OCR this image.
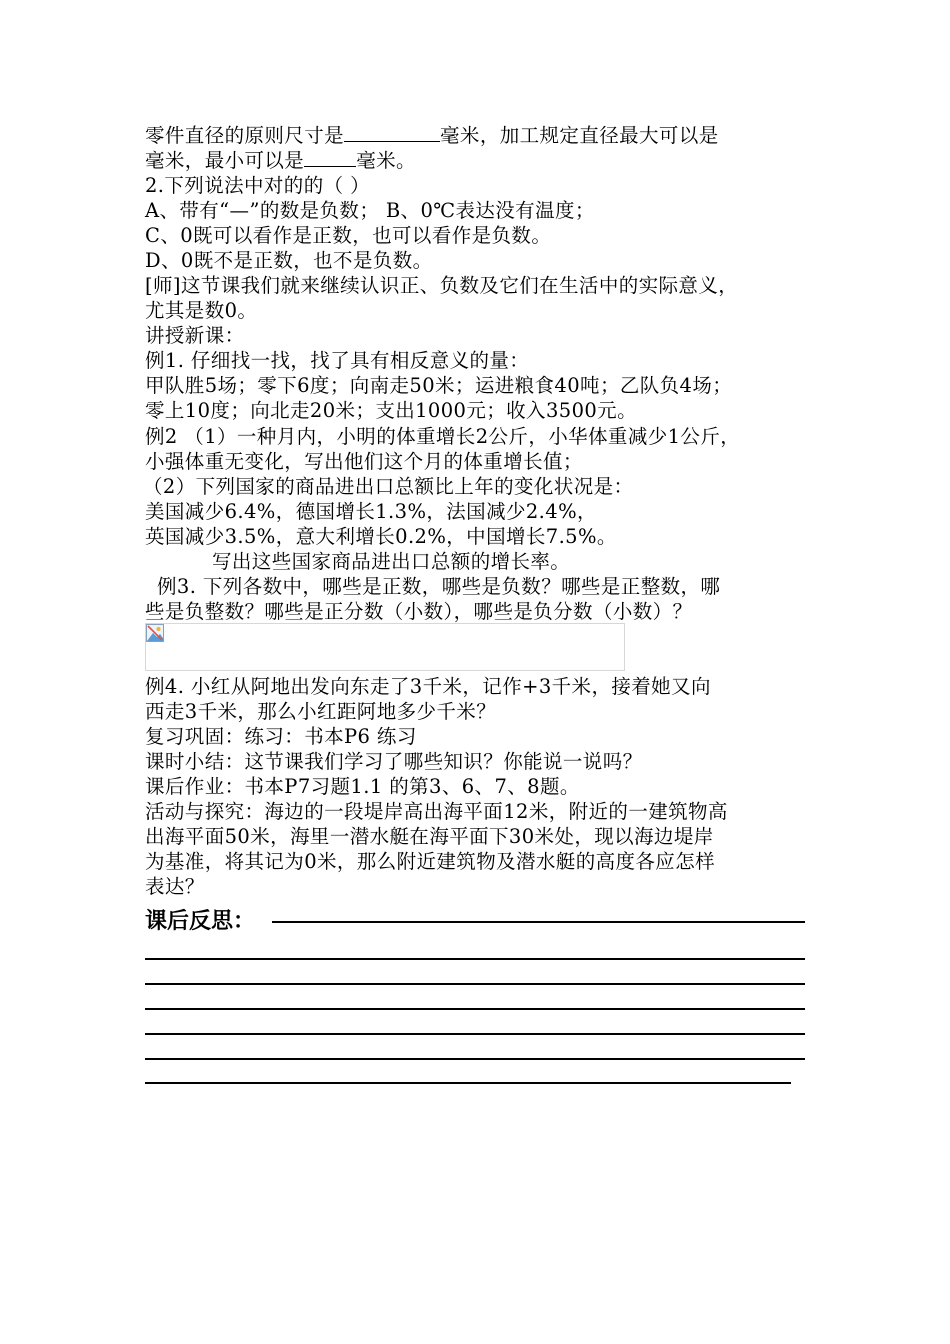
零件直径的原则尺寸是	毫米，加工规定直径最大可以是
毫米，最小可以是	毫米。
2.下列说法中对的的（ ）
A、带有“—”的数是负数； B、0℃表达没有温度；
C、0既可以看作是正数，也可以看作是负数。
D、0既不是正数，也不是负数。
[师]这节课我们就来继续认识正、负数及它们在生活中的实际意义，
尤其是数0。
讲授新课：
例1. 仔细找一找，找了具有相反意义的量：
甲队胜5场；零下6度；向南走50米；运进粮食40吨；乙队负4场；
零上10度；向北走20米；支出1000元；收入3500元。
例2 （1）一种月内，小明的体重增长2公斤，小华体重减少1公斤，
小强体重无变化，写出他们这个月的体重增长值；
（2）下列国家的商品进出口总额比上年的变化状况是：
美国减少6.4%，德国增长1.3%，法国减少2.4%，
英国减少3.5%，意大利增长0.2%，中国增长7.5%。
写出这些国家商品进出口总额的增长率。
例3. 下列各数中，哪些是正数，哪些是负数？哪些是正整数，哪
些是负整数？哪些是正分数（小数），哪些是负分数（小数）？
例4. 小红从阿地出发向东走了3千米，记作+3千米，接着她又向
西走3千米，那么小红距阿地多少千米？
复习巩固：练习：书本P6 练习
课时小结：这节课我们学习了哪些知识？你能说一说吗？
课后作业：书本P7习题1.1 的第3、6、7、8题。
活动与探究：海边的一段堤岸高出海平面12米，附近的一建筑物高
出海平面50米，海里一潜水艇在海平面下30米处，现以海边堤岸
为基准，将其记为0米，那么附近建筑物及潜水艇的高度各应怎样
表达？
课后反思：
